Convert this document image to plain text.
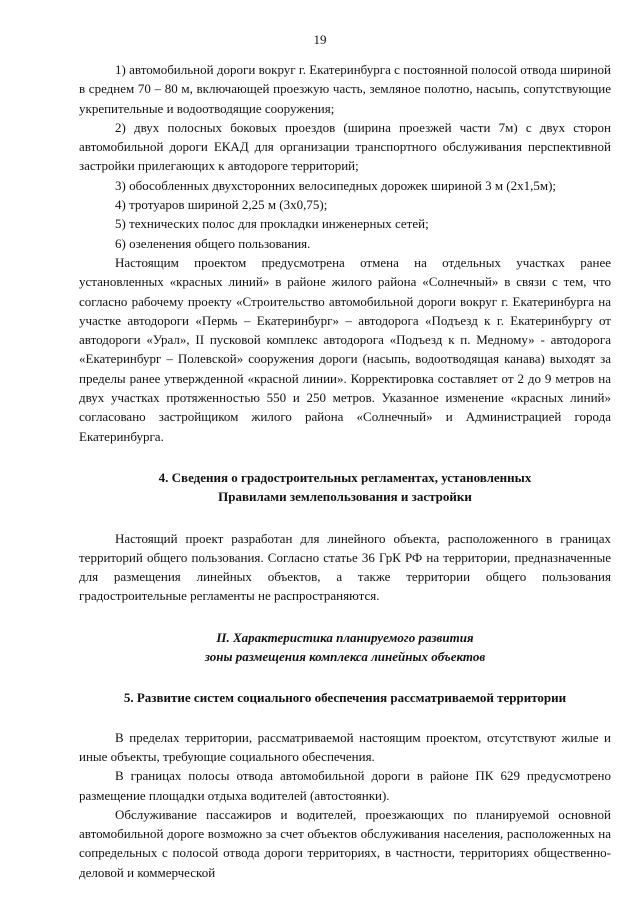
19

1) автомобильной дороги вокруг г. Екатеринбурга с постоянной полосой отвода шириной в среднем 70 – 80 м, включающей проезжую часть, земляное полотно, насыпь, сопутствующие укрепительные и водоотводящие сооружения;

2) двух полосных боковых проездов (ширина проезжей части 7м) с двух сторон автомобильной дороги ЕКАД для организации транспортного обслуживания перспективной застройки прилегающих к автодороге территорий;

3) обособленных двухсторонних велосипедных дорожек шириной 3 м (2х1,5м);

4) тротуаров шириной 2,25 м (3х0,75);

5) технических полос для прокладки инженерных сетей;

6) озеленения общего пользования.

Настоящим проектом предусмотрена отмена на отдельных участках ранее установленных «красных линий» в районе жилого района «Солнечный» в связи с тем, что согласно рабочему проекту «Строительство автомобильной дороги вокруг г. Екатеринбурга на участке автодороги «Пермь – Екатеринбург» – автодорога «Подъезд к г. Екатеринбургу от автодороги «Урал», II пусковой комплекс автодорога «Подъезд к п. Медному» - автодорога «Екатеринбург – Полевской» сооружения дороги (насыпь, водоотводящая канава) выходят за пределы ранее утвержденной «красной линии». Корректировка составляет от 2 до 9 метров на двух участках протяженностью 550 и 250 метров. Указанное изменение «красных линий» согласовано застройщиком жилого района «Солнечный» и Администрацией города Екатеринбурга.

4. Сведения о градостроительных регламентах, установленных
Правилами землепользования и застройки

Настоящий проект разработан для линейного объекта, расположенного в границах территорий общего пользования. Согласно статье 36 ГрК РФ на территории, предназначенные для размещения линейных объектов, а также территории общего пользования градостроительные регламенты не распространяются.

II. Характеристика планируемого развития
зоны размещения комплекса линейных объектов
5. Развитие систем социального обеспечения рассматриваемой территории

В пределах территории, рассматриваемой настоящим проектом, отсутствуют жилые и иные объекты, требующие социального обеспечения.

В границах полосы отвода автомобильной дороги в районе ПК 629 предусмотрено размещение площадки отдыха водителей (автостоянки).

Обслуживание пассажиров и водителей, проезжающих по планируемой основной автомобильной дороге возможно за счет объектов обслуживания населения, расположенных на сопредельных с полосой отвода дороги территориях, в частности, территориях общественно-деловой и коммерческой
